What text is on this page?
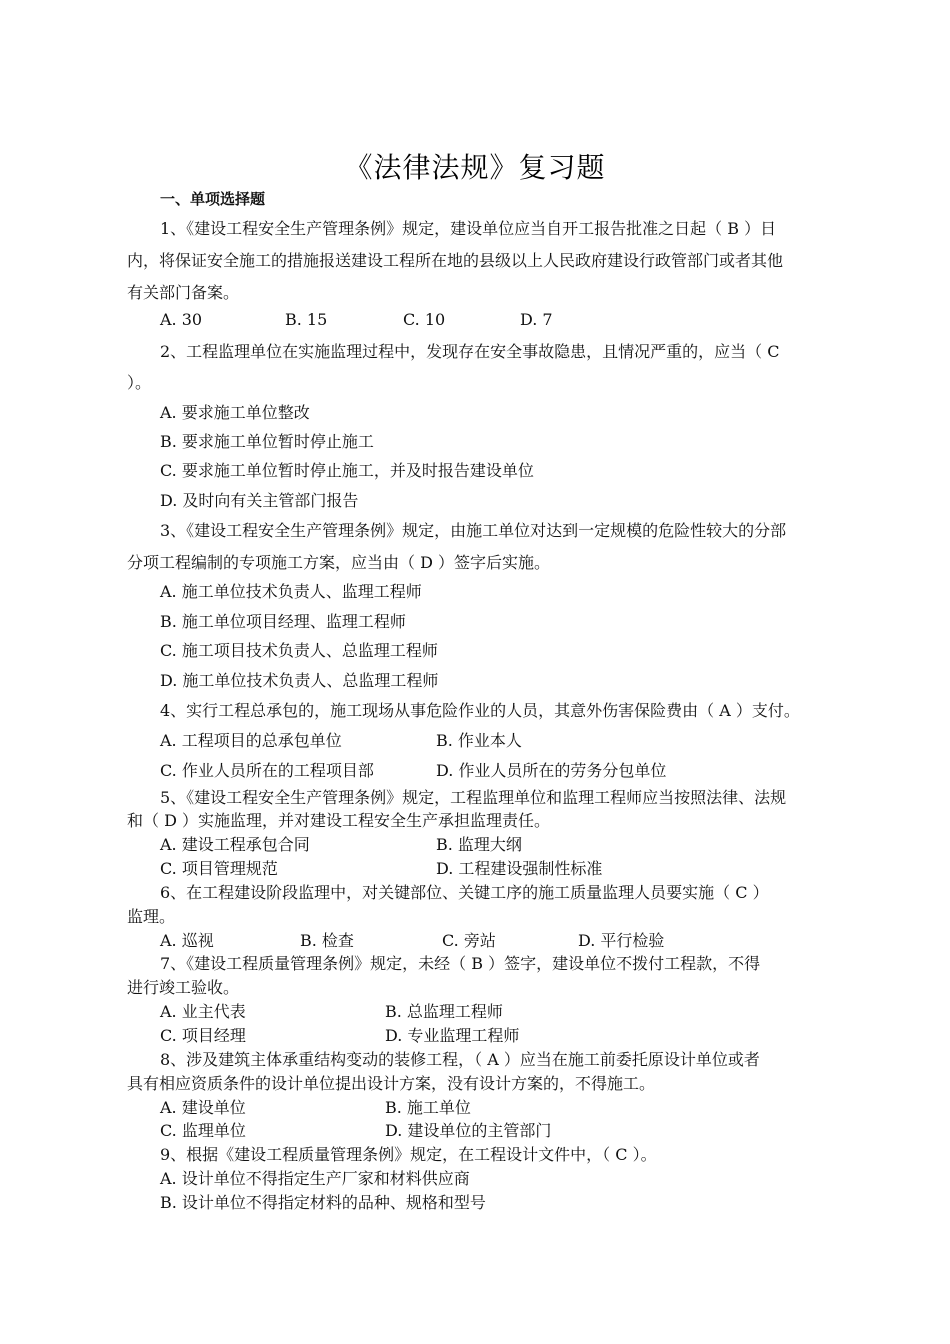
《法律法规》复习题
一、单项选择题
1、《建设工程安全生产管理条例》规定，建设单位应当自开工报告批准之日起（ B ）日
内，将保证安全施工的措施报送建设工程所在地的县级以上人民政府建设行政管部门或者其他
有关部门备案。
A. 30	B. 15	C. 10	D. 7
2、工程监理单位在实施监理过程中，发现存在安全事故隐患，且情况严重的，应当（ C
）。
A. 要求施工单位整改
B. 要求施工单位暂时停止施工
C. 要求施工单位暂时停止施工，并及时报告建设单位
D. 及时向有关主管部门报告
3、《建设工程安全生产管理条例》规定，由施工单位对达到一定规模的危险性较大的分部
分项工程编制的专项施工方案，应当由（ D ）签字后实施。
A. 施工单位技术负责人、监理工程师
B. 施工单位项目经理、监理工程师
C. 施工项目技术负责人、总监理工程师
D. 施工单位技术负责人、总监理工程师
4、实行工程总承包的，施工现场从事危险作业的人员，其意外伤害保险费由（ A ）支付。
A. 工程项目的总承包单位	B. 作业本人
C. 作业人员所在的工程项目部	D. 作业人员所在的劳务分包单位
5、《建设工程安全生产管理条例》规定，工程监理单位和监理工程师应当按照法律、法规
和（ D ）实施监理，并对建设工程安全生产承担监理责任。
A. 建设工程承包合同	B. 监理大纲
C. 项目管理规范	D. 工程建设强制性标准
6、在工程建设阶段监理中，对关键部位、关键工序的施工质量监理人员要实施（ C ）
监理。
A. 巡视	B. 检查	C. 旁站	D. 平行检验
7、《建设工程质量管理条例》规定，未经（ B ）签字，建设单位不拨付工程款，不得
进行竣工验收。
A. 业主代表	B. 总监理工程师
C. 项目经理	D. 专业监理工程师
8、涉及建筑主体承重结构变动的装修工程，（ A ）应当在施工前委托原设计单位或者
具有相应资质条件的设计单位提出设计方案，没有设计方案的，不得施工。
A. 建设单位	B. 施工单位
C. 监理单位	D. 建设单位的主管部门
9、根据《建设工程质量管理条例》规定，在工程设计文件中，（ C ）。
A. 设计单位不得指定生产厂家和材料供应商
B. 设计单位不得指定材料的品种、规格和型号
